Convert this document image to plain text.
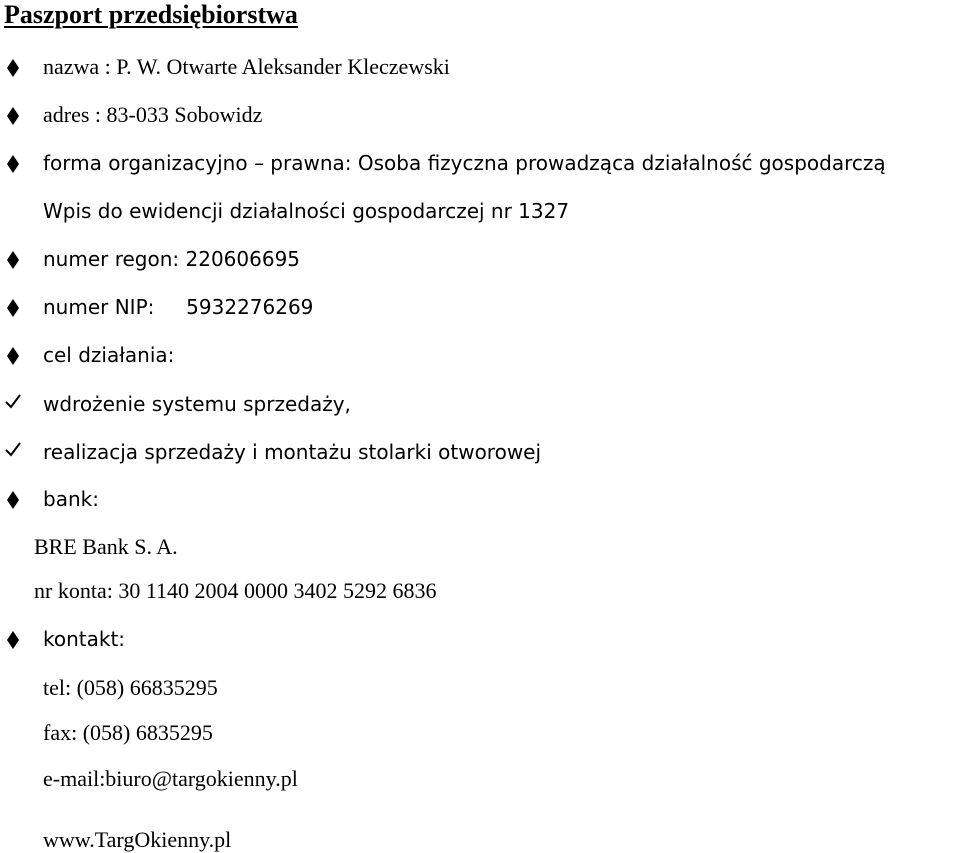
Paszport przedsiębiorstwa
nazwa : P. W. Otwarte Aleksander Kleczewski
adres : 83-033 Sobowidz
forma organizacyjno – prawna: Osoba fizyczna prowadząca działalność gospodarczą
Wpis do ewidencji działalności gospodarczej nr 1327
numer regon: 220606695
numer NIP:     5932276269
cel działania:
wdrożenie systemu sprzedaży,
realizacja sprzedaży i montażu stolarki otworowej
bank:
BRE Bank S. A.
nr konta: 30 1140 2004 0000 3402 5292 6836
kontakt:
tel: (058) 66835295
fax: (058) 6835295
e-mail:biuro@targokienny.pl
www.TargOkienny.pl
